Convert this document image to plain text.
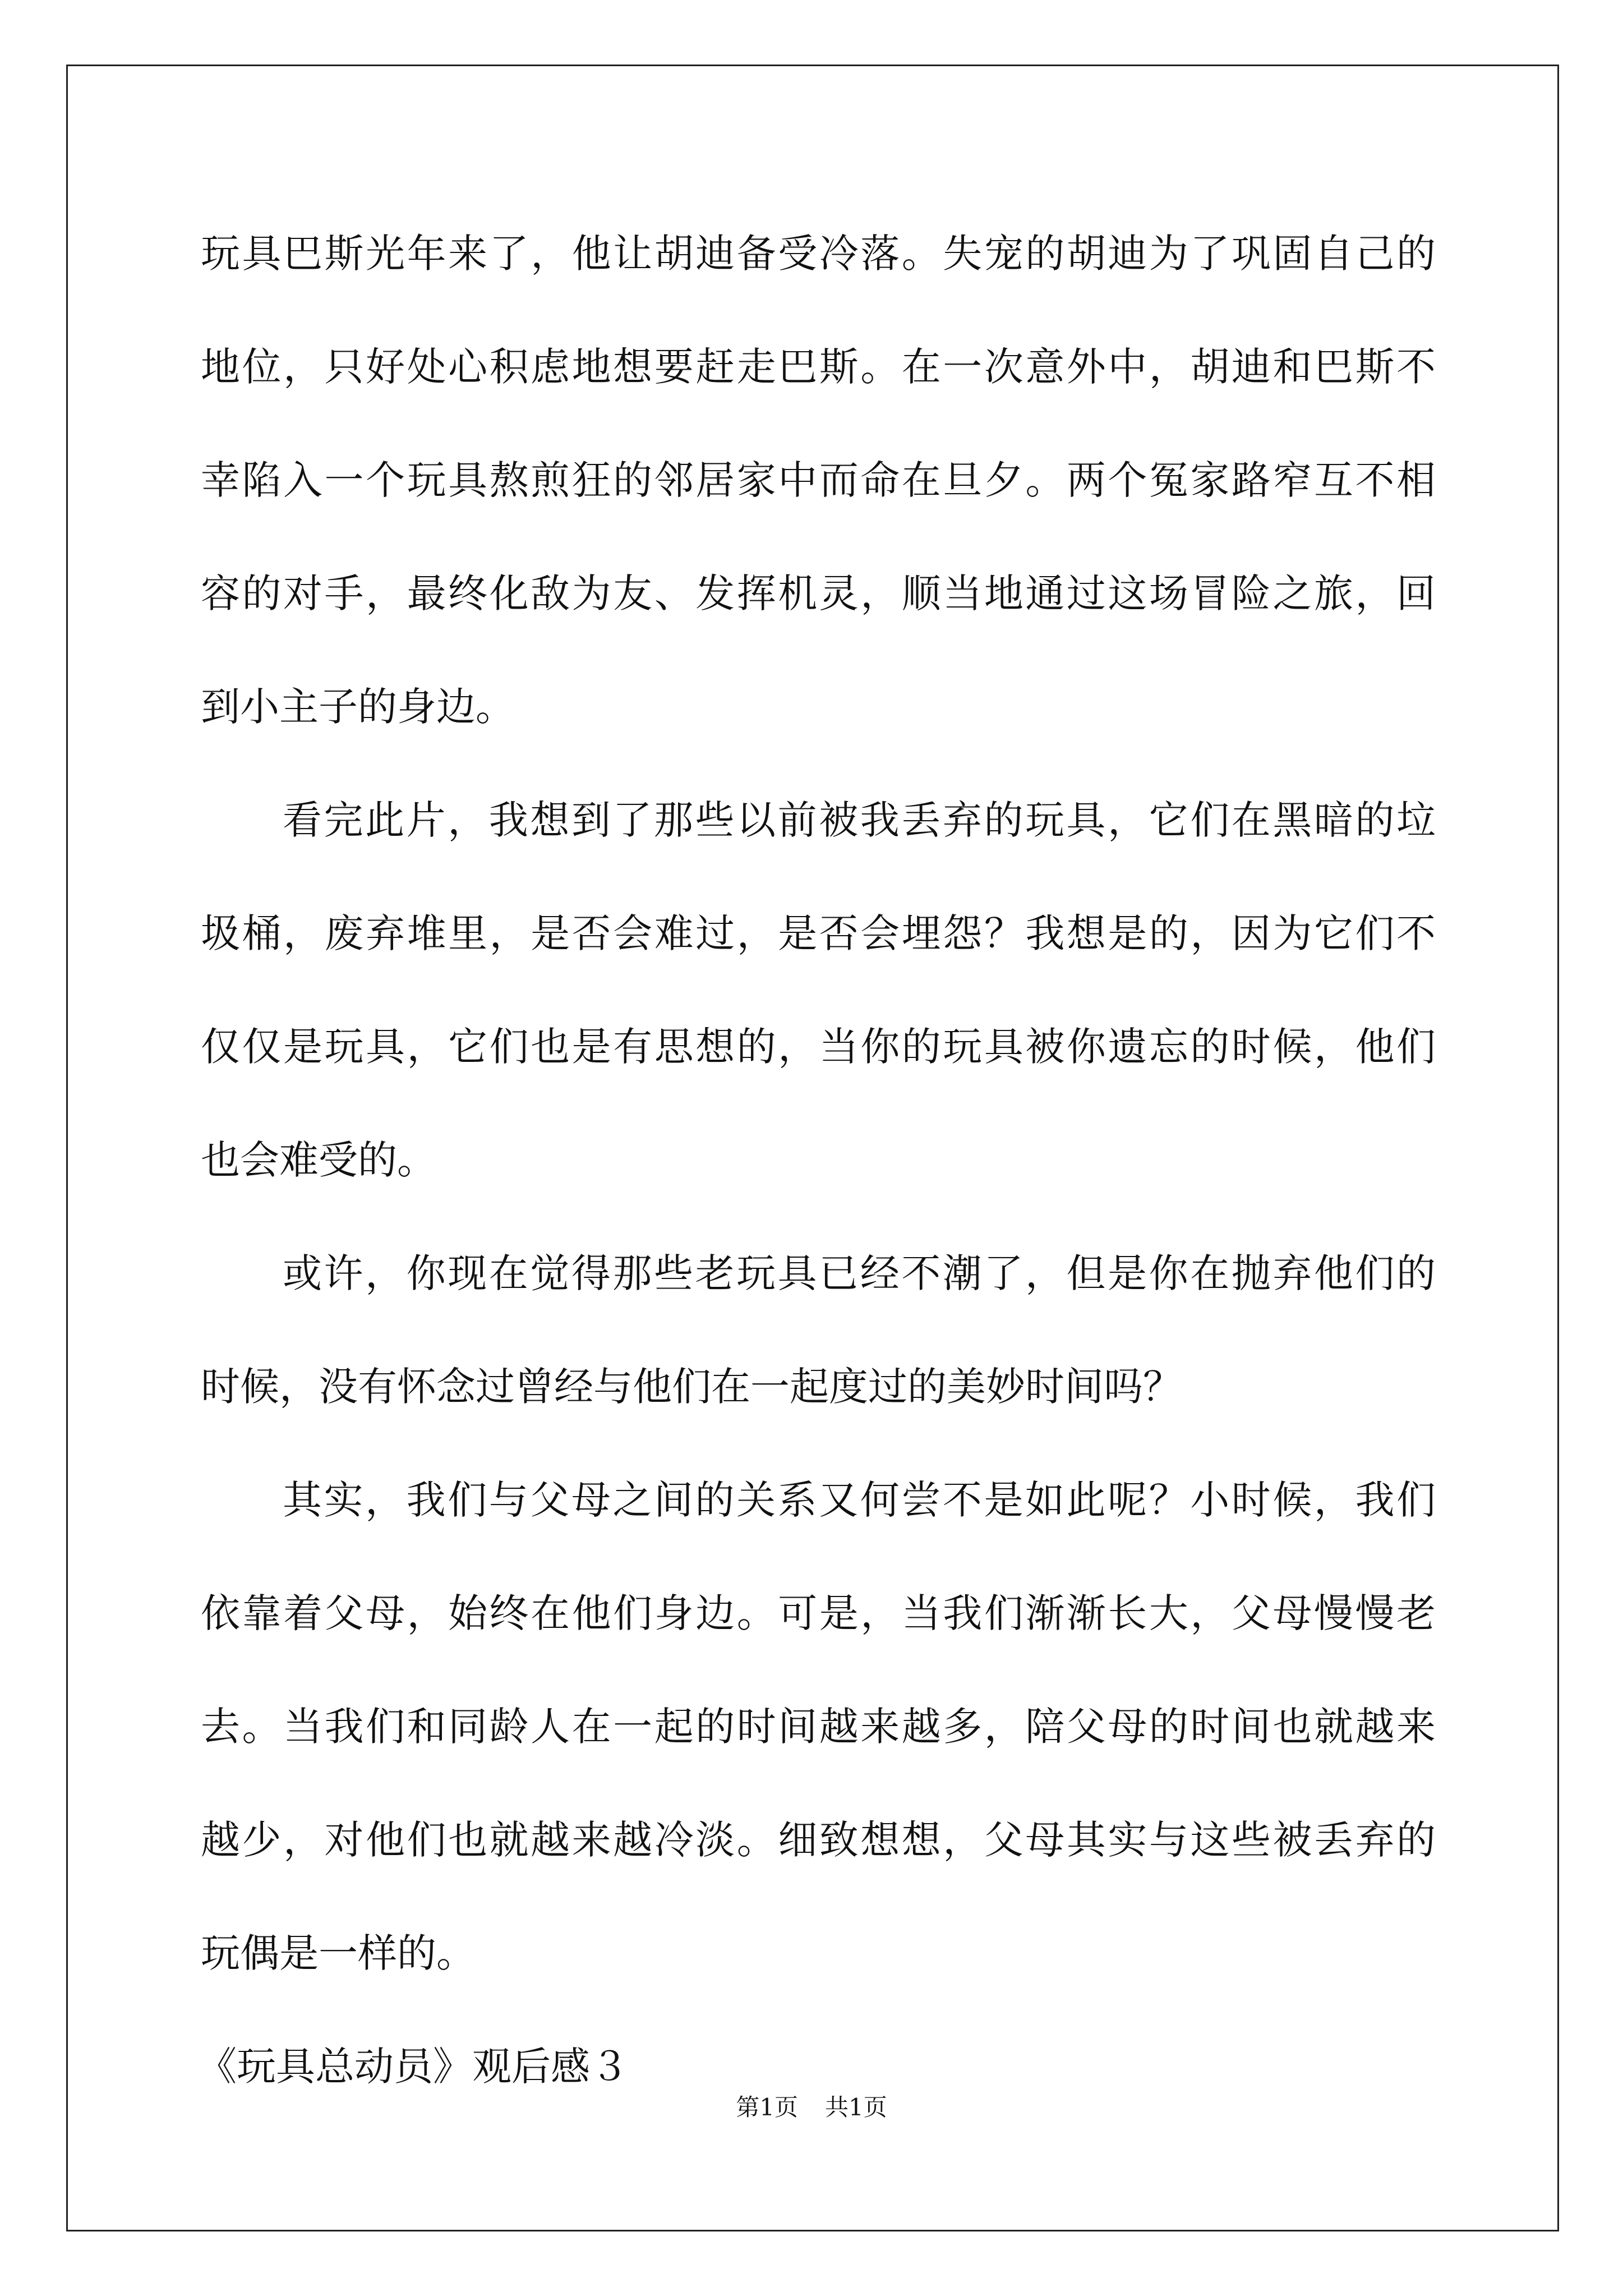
玩具巴斯光年来了，他让胡迪备受冷落。失宠的胡迪为了巩固自己的
地位，只好处心积虑地想要赶走巴斯。在一次意外中，胡迪和巴斯不
幸陷入一个玩具熬煎狂的邻居家中而命在旦夕。两个冤家路窄互不相
容的对手，最终化敌为友、发挥机灵，顺当地通过这场冒险之旅，回
到小主子的身边。
看完此片，我想到了那些以前被我丢弃的玩具，它们在黑暗的垃
圾桶，废弃堆里，是否会难过，是否会埋怨？我想是的，因为它们不
仅仅是玩具，它们也是有思想的，当你的玩具被你遗忘的时候，他们
也会难受的。
或许，你现在觉得那些老玩具已经不潮了，但是你在抛弃他们的
时候，没有怀念过曾经与他们在一起度过的美妙时间吗？
其实，我们与父母之间的关系又何尝不是如此呢？小时候，我们
依靠着父母，始终在他们身边。可是，当我们渐渐长大，父母慢慢老
去。当我们和同龄人在一起的时间越来越多，陪父母的时间也就越来
越少，对他们也就越来越冷淡。细致想想，父母其实与这些被丢弃的
玩偶是一样的。
《玩具总动员》观后感３
第1页 共1页
